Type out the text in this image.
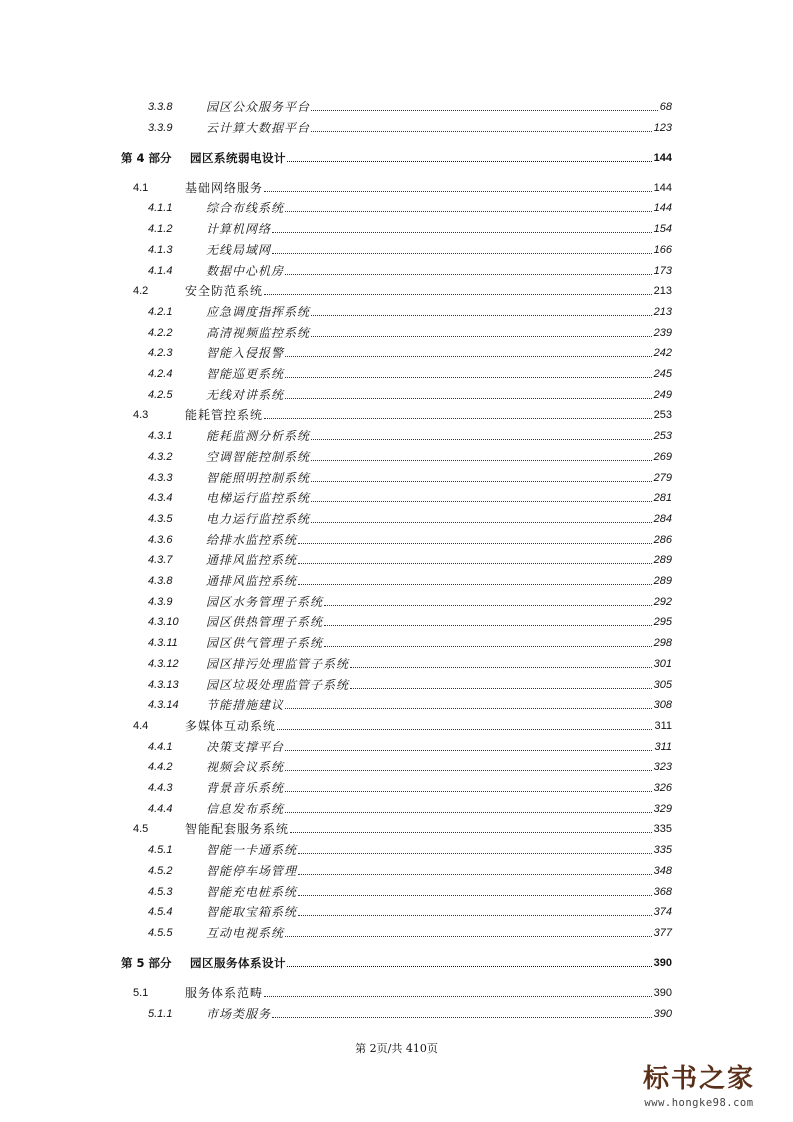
3.3.8	园区公众服务平台	68
3.3.9	云计算大数据平台	123
第 4 部分 园区系统弱电设计	144
4.1	基础网络服务	144
4.1.1	综合布线系统	144
4.1.2	计算机网络	154
4.1.3	无线局域网	166
4.1.4	数据中心机房	173
4.2	安全防范系统	213
4.2.1	应急调度指挥系统	213
4.2.2	高清视频监控系统	239
4.2.3	智能入侵报警	242
4.2.4	智能巡更系统	245
4.2.5	无线对讲系统	249
4.3	能耗管控系统	253
4.3.1	能耗监测分析系统	253
4.3.2	空调智能控制系统	269
4.3.3	智能照明控制系统	279
4.3.4	电梯运行监控系统	281
4.3.5	电力运行监控系统	284
4.3.6	给排水监控系统	286
4.3.7	通排风监控系统	289
4.3.8	通排风监控系统	289
4.3.9	园区水务管理子系统	292
4.3.10 园区供热管理子系统	295
4.3.11 园区供气管理子系统	298
4.3.12 园区排污处理监管子系统	301
4.3.13 园区垃圾处理监管子系统	305
4.3.14 节能措施建议	308
4.4	多媒体互动系统	311
4.4.1	决策支撑平台	311
4.4.2	视频会议系统	323
4.4.3	背景音乐系统	326
4.4.4	信息发布系统	329
4.5	智能配套服务系统	335
4.5.1	智能一卡通系统	335
4.5.2	智能停车场管理	348
4.5.3	智能充电桩系统	368
4.5.4	智能取宝箱系统	374
4.5.5	互动电视系统	377
第 5 部分 园区服务体系设计	390
5.1	服务体系范畴	390
5.1.1	市场类服务	390
第 2页/共 410页
标书之家
www.hongke98.com
